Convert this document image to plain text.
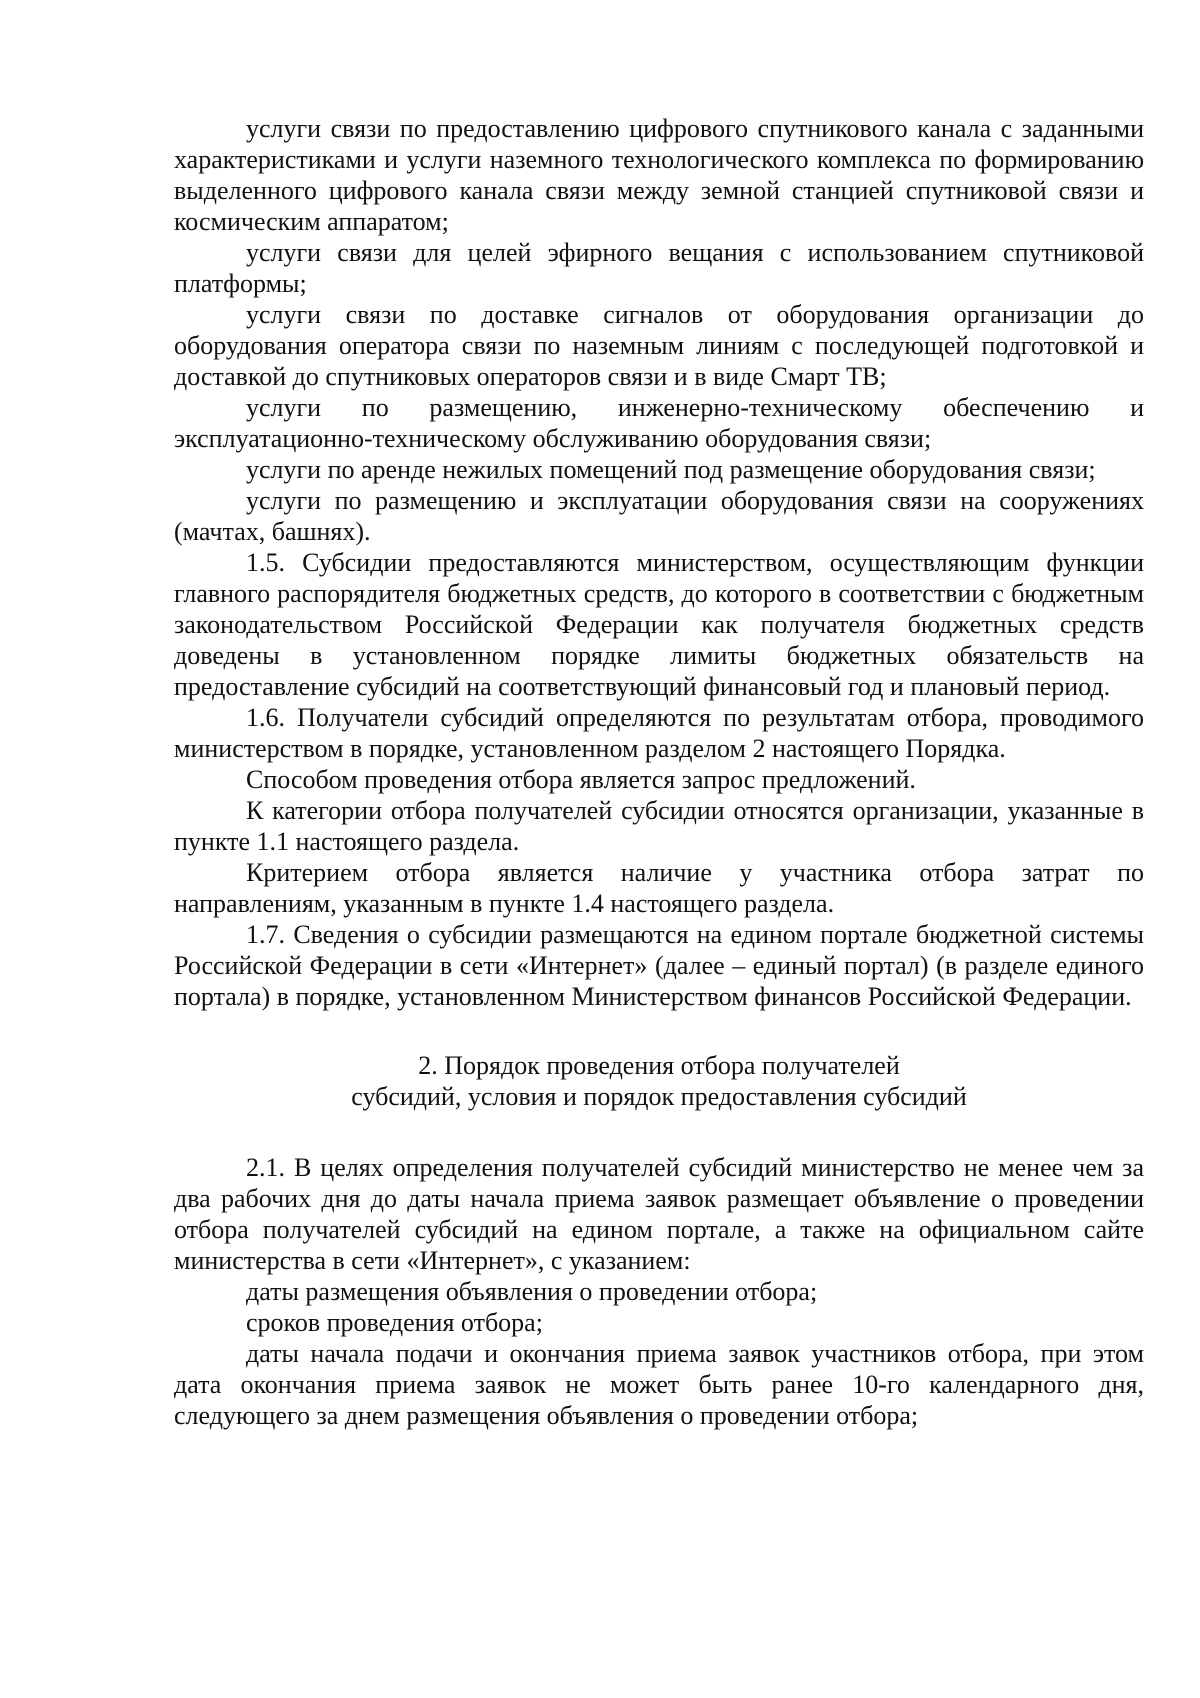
услуги связи по предоставлению цифрового спутникового канала с заданными характеристиками и услуги наземного технологического комплекса по формированию выделенного цифрового канала связи между земной станцией спутниковой связи и космическим аппаратом;

услуги связи для целей эфирного вещания с использованием спутниковой платформы;

услуги связи по доставке сигналов от оборудования организации до оборудования оператора связи по наземным линиям с последующей подготовкой и доставкой до спутниковых операторов связи и в виде Смарт ТВ;

услуги по размещению, инженерно-техническому обеспечению и эксплуатационно-техническому обслуживанию оборудования связи;

услуги по аренде нежилых помещений под размещение оборудования связи;

услуги по размещению и эксплуатации оборудования связи на сооружениях (мачтах, башнях).

1.5. Субсидии предоставляются министерством, осуществляющим функции главного распорядителя бюджетных средств, до которого в соответствии с бюджетным законодательством Российской Федерации как получателя бюджетных средств доведены в установленном порядке лимиты бюджетных обязательств на предоставление субсидий на соответствующий финансовый год и плановый период.

1.6. Получатели субсидий определяются по результатам отбора, проводимого министерством в порядке, установленном разделом 2 настоящего Порядка.

Способом проведения отбора является запрос предложений.

К категории отбора получателей субсидии относятся организации, указанные в пункте 1.1 настоящего раздела.

Критерием отбора является наличие у участника отбора затрат по направлениям, указанным в пункте 1.4 настоящего раздела.

1.7. Сведения о субсидии размещаются на едином портале бюджетной системы Российской Федерации в сети «Интернет» (далее – единый портал) (в разделе единого портала) в порядке, установленном Министерством финансов Российской Федерации.

2. Порядок проведения отбора получателей

субсидий, условия и порядок предоставления субсидий

2.1. В целях определения получателей субсидий министерство не менее чем за два рабочих дня до даты начала приема заявок размещает объявление о проведении отбора получателей субсидий на едином портале, а также на официальном сайте министерства в сети «Интернет», с указанием:

даты размещения объявления о проведении отбора;

сроков проведения отбора;

даты начала подачи и окончания приема заявок участников отбора, при этом дата окончания приема заявок не может быть ранее 10-го календарного дня, следующего за днем размещения объявления о проведении отбора;
